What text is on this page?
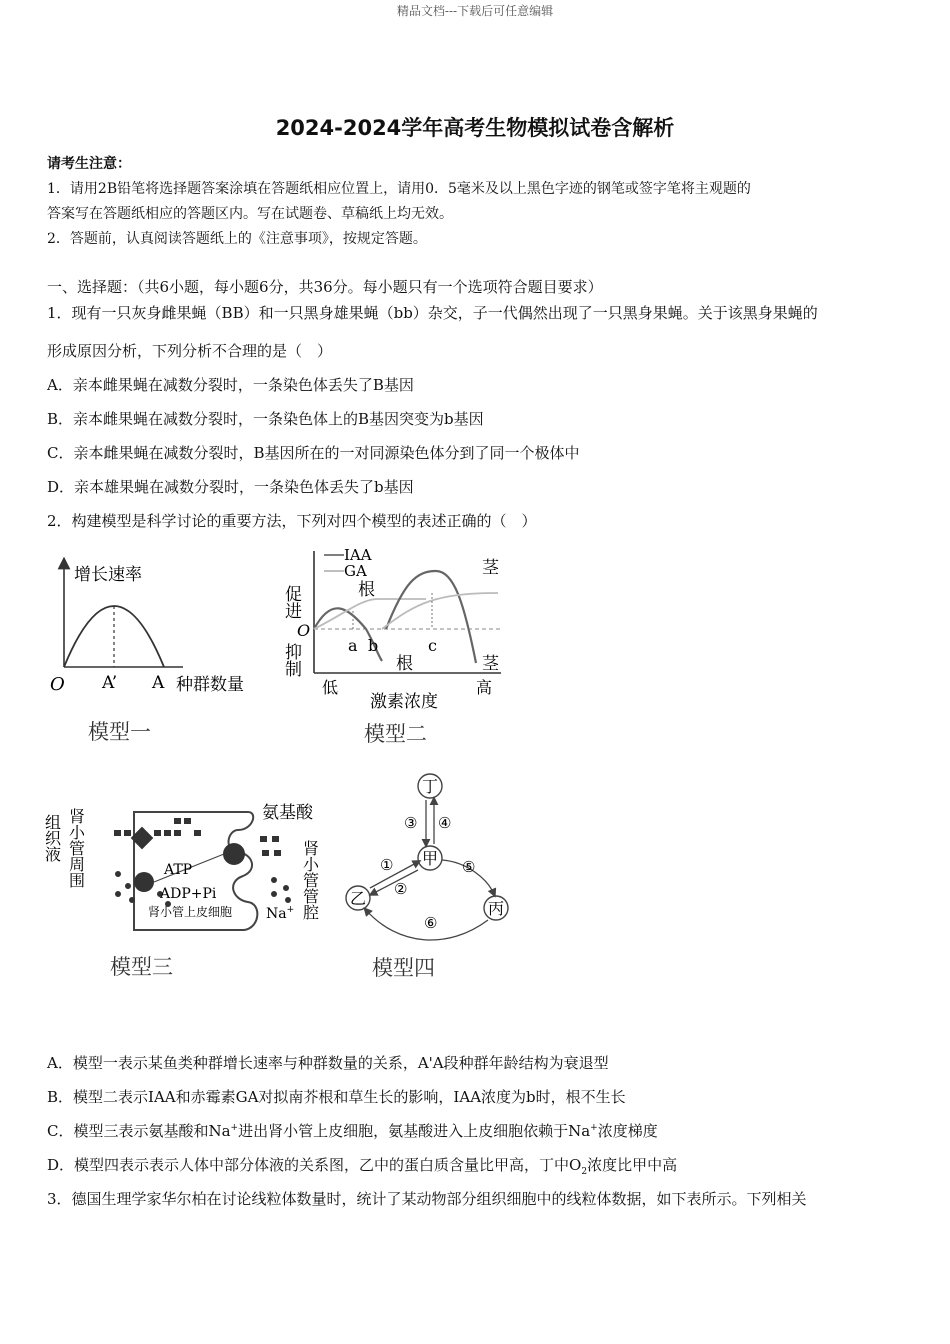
精品文档---下载后可任意编辑
2024-2024学年高考生物模拟试卷含解析
请考生注意：
1．请用2B铅笔将选择题答案涂填在答题纸相应位置上，请用0．5毫米及以上黑色字迹的钢笔或签字笔将主观题的
答案写在答题纸相应的答题区内。写在试题卷、草稿纸上均无效。
2．答题前，认真阅读答题纸上的《注意事项》，按规定答题。
一、选择题：（共6小题，每小题6分，共36分。每小题只有一个选项符合题目要求）
1．现有一只灰身雌果蝇（BB）和一只黑身雄果蝇（bb）杂交，子一代偶然出现了一只黑身果蝇。关于该黑身果蝇的
形成原因分析，下列分析不合理的是（　）
A．亲本雌果蝇在减数分裂时，一条染色体丢失了B基因
B．亲本雌果蝇在减数分裂时，一条染色体上的B基因突变为b基因
C．亲本雌果蝇在减数分裂时，B基因所在的一对同源染色体分到了同一个极体中
D．亲本雄果蝇在减数分裂时，一条染色体丢失了b基因
2．构建模型是科学讨论的重要方法，下列对四个模型的表述正确的（　）
增长速率
O A’ A 种群数量
模型一
IAA
GA
促进
O
抑制
根
茎
a b	c
根	茎
低
激素浓度
高
模型二
组织液 肾小管周围	氨基酸
肾小管管腔
ATP
ADP+Pi
肾小管上皮细胞 Na+
模型三
丁
甲
乙
丙
③ ④
①
②
⑤
⑥
模型四
A．模型一表示某鱼类种群增长速率与种群数量的关系，A'A段种群年龄结构为衰退型
B．模型二表示IAA和赤霉素GA对拟南芥根和草生长的影响，IAA浓度为b时，根不生长
C．模型三表示氨基酸和Na+进出肾小管上皮细胞，氨基酸进入上皮细胞依赖于Na+浓度梯度
D．模型四表示表示人体中部分体液的关系图，乙中的蛋白质含量比甲高，丁中$O_2$浓度比甲中高
3．德国生理学家华尔柏在讨论线粒体数量时，统计了某动物部分组织细胞中的线粒体数据，如下表所示。下列相关
